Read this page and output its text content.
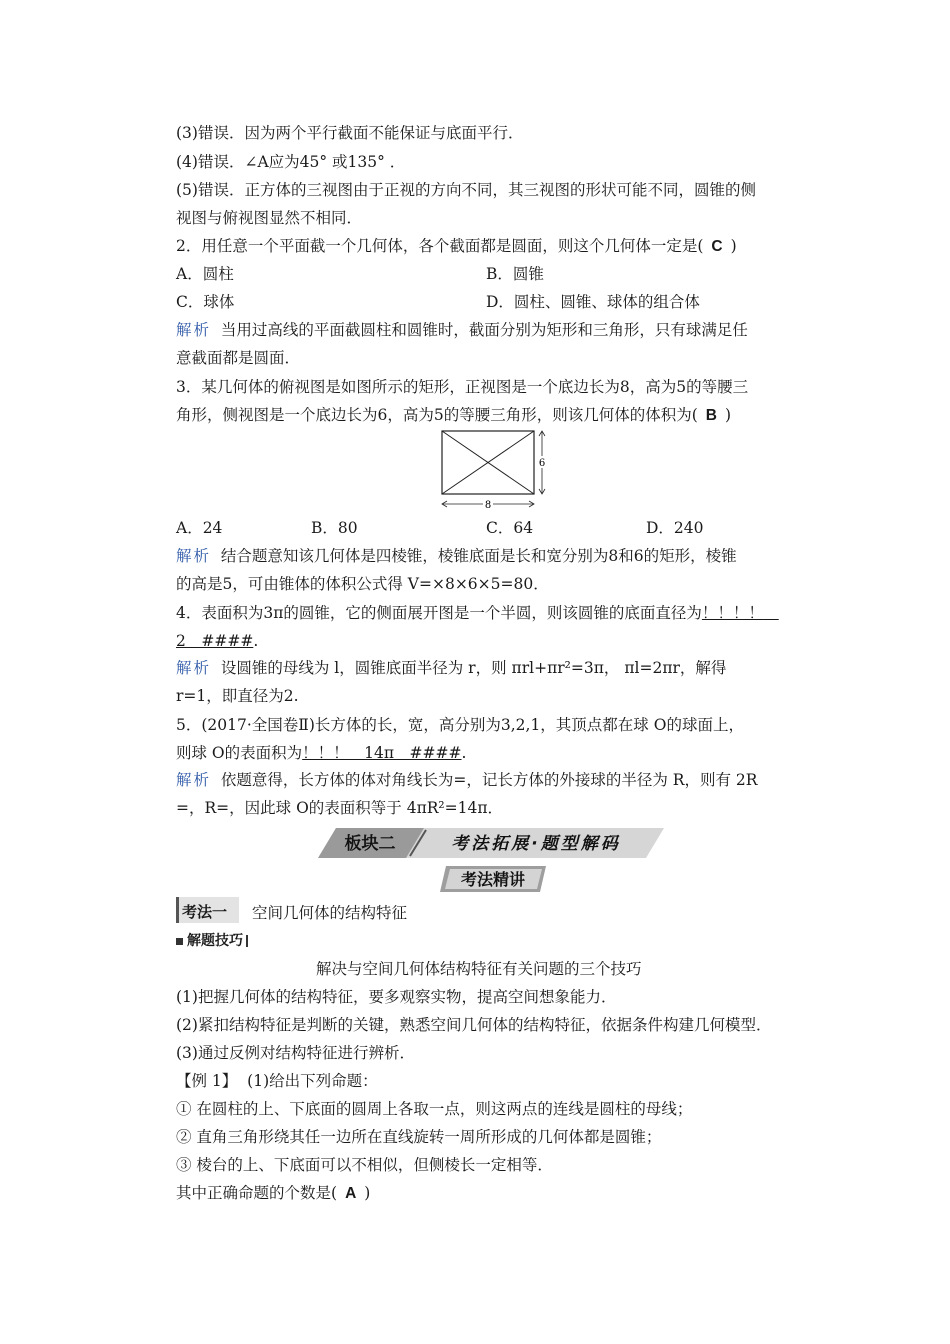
(3)错误．因为两个平行截面不能保证与底面平行．
(4)错误．∠A应为45° 或135° ．
(5)错误．正方体的三视图由于正视的方向不同，其三视图的形状可能不同，圆锥的侧
视图与俯视图显然不相同．
2．用任意一个平面截一个几何体，各个截面都是圆面，则这个几何体一定是( C )
A．圆柱	B．圆锥
C．球体	D．圆柱、圆锥、球体的组合体
解析 当用过高线的平面截圆柱和圆锥时，截面分别为矩形和三角形，只有球满足任
意截面都是圆面．
3．某几何体的俯视图是如图所示的矩形，正视图是一个底边长为8，高为5的等腰三
角形，侧视图是一个底边长为6，高为5的等腰三角形，则该几何体的体积为( B )
8
6
A．24	B．80	C．64	D．240
解析 结合题意知该几何体是四棱锥，棱锥底面是长和宽分别为8和6的矩形，棱锥
的高是5，可由锥体的体积公式得 V=×8×6×5=80．
4．表面积为3π的圆锥，它的侧面展开图是一个半圆，则该圆锥的底面直径为！！！！
2　####.
解析 设圆锥的母线为 l，圆锥底面半径为 r，则 πrl+πr²=3π， πl=2πr，解得
r=1，即直径为2.
5．(2017·全国卷Ⅱ)长方体的长，宽，高分别为3,2,1，其顶点都在球 O的球面上，
则球 O的表面积为！！！　14π　####.
解析 依题意得，长方体的体对角线长为=，记长方体的外接球的半径为 R，则有 2R
=，R=，因此球 O的表面积等于 4πR²=14π．
板块二	考法拓展·题型解码
考法精讲
考法一 空间几何体的结构特征
解题技巧
解决与空间几何体结构特征有关问题的三个技巧
(1)把握几何体的结构特征，要多观察实物，提高空间想象能力．
(2)紧扣结构特征是判断的关键，熟悉空间几何体的结构特征，依据条件构建几何模型．
(3)通过反例对结构特征进行辨析．
【例 1】 (1)给出下列命题：
① 在圆柱的上、下底面的圆周上各取一点，则这两点的连线是圆柱的母线；
② 直角三角形绕其任一边所在直线旋转一周所形成的几何体都是圆锥；
③ 棱台的上、下底面可以不相似，但侧棱长一定相等．
其中正确命题的个数是( A )
